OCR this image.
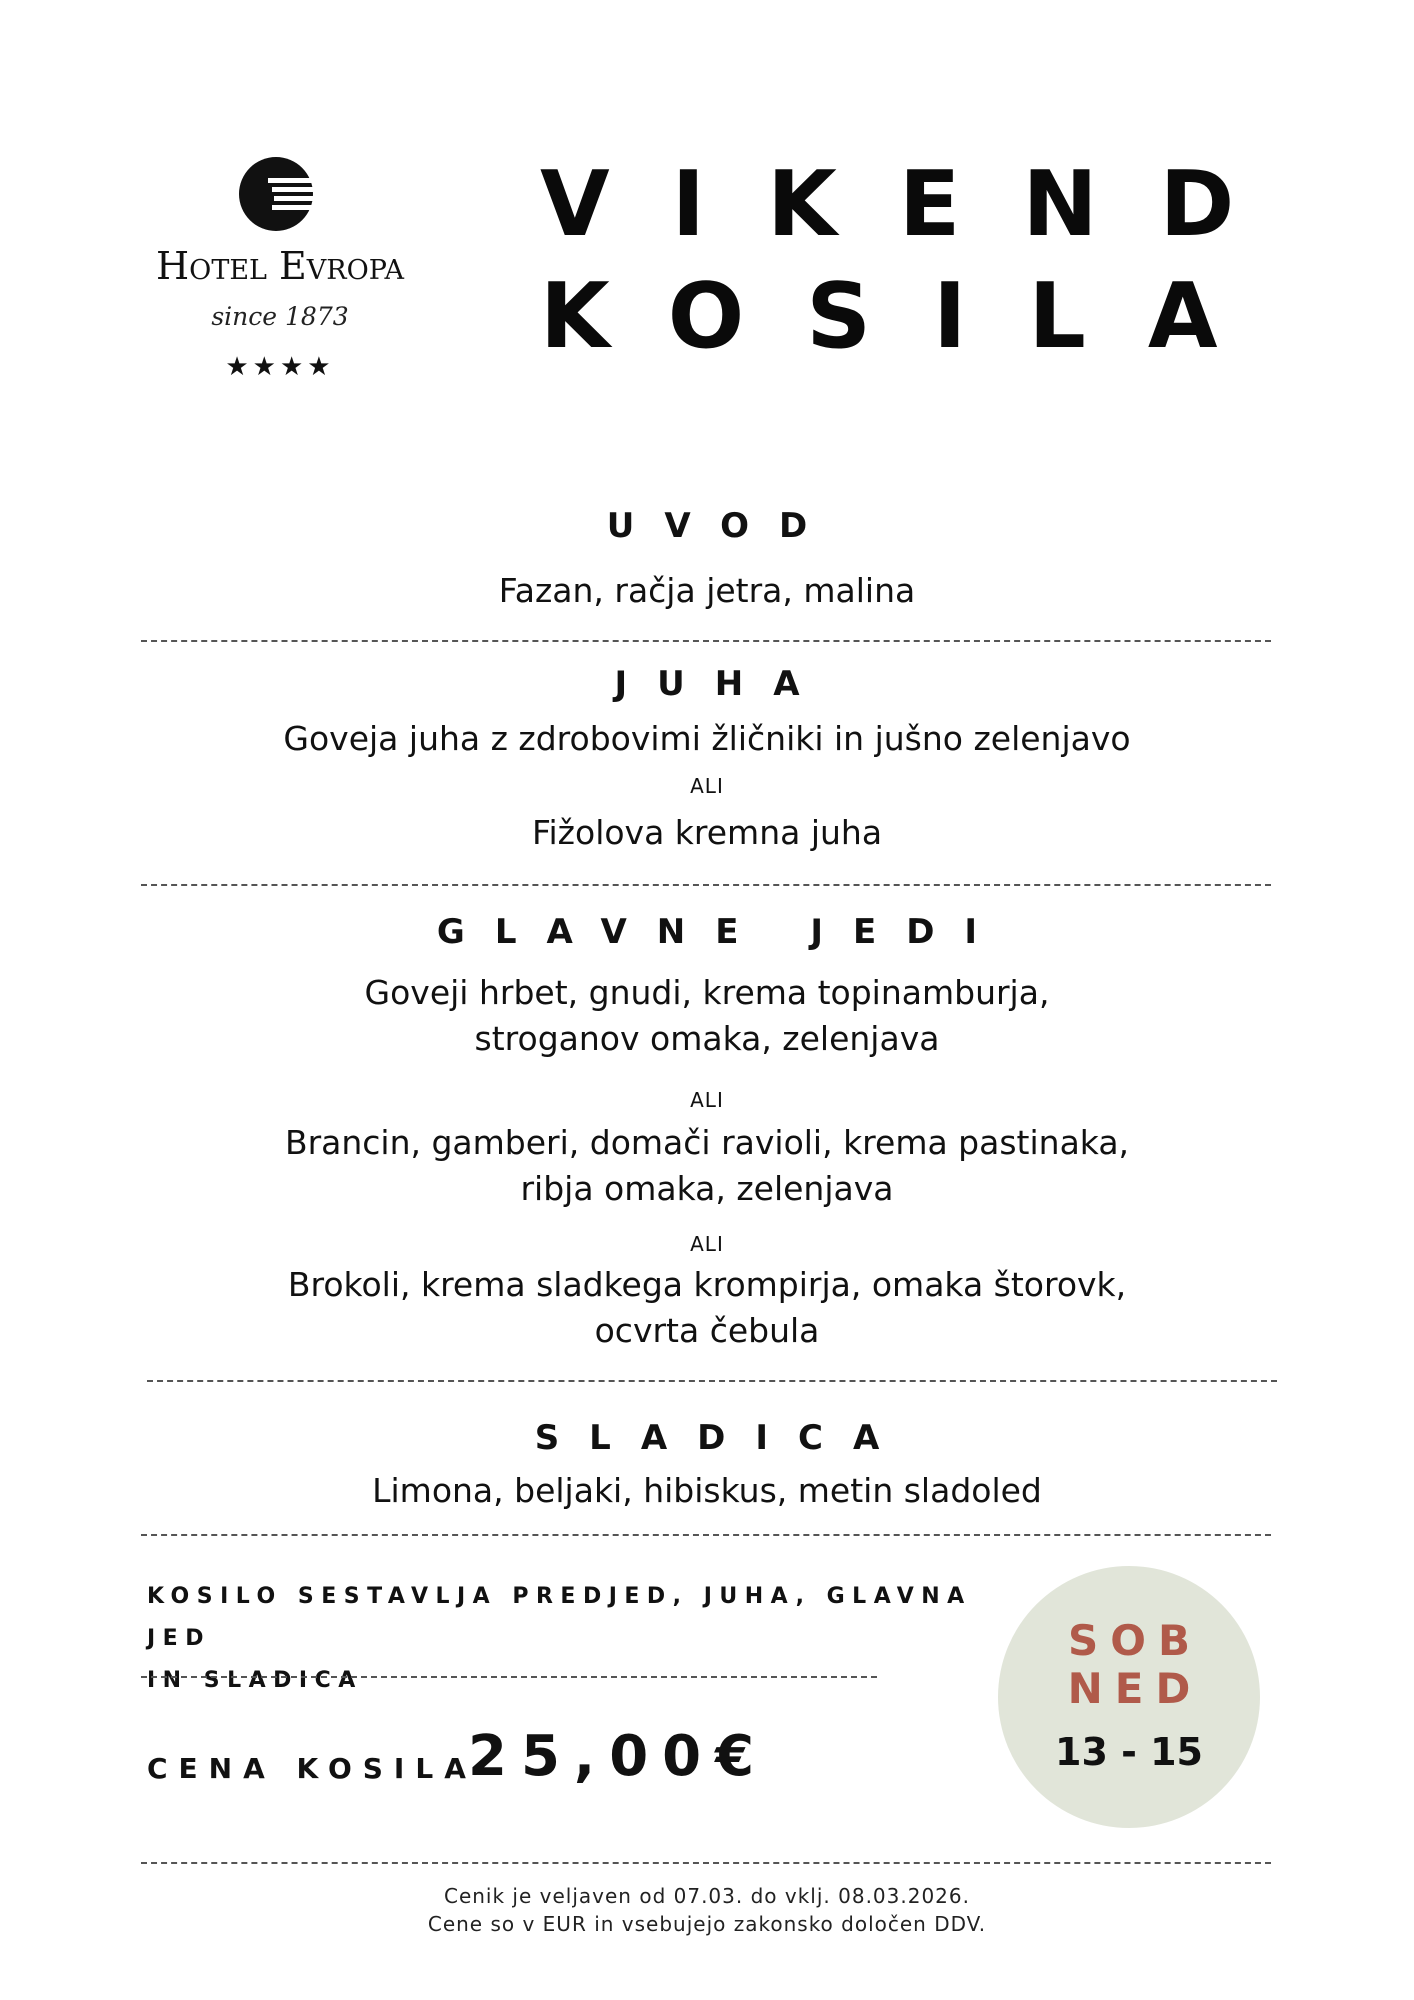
Hotel Evropa
since 1873
★★★★
VIKEND
KOSILA
UVOD
Fazan, račja jetra, malina
JUHA
Goveja juha z zdrobovimi žličniki in jušno zelenjavo
ALI
Fižolova kremna juha
GLAVNE JEDI
Goveji hrbet, gnudi, krema topinamburja,
stroganov omaka, zelenjava
ALI
Brancin, gamberi, domači ravioli, krema pastinaka,
ribja omaka, zelenjava
ALI
Brokoli, krema sladkega krompirja, omaka štorovk,
ocvrta čebula
SLADICA
Limona, beljaki, hibiskus, metin sladoled
KOSILO SESTAVLJA PREDJED, JUHA, GLAVNA JED
IN SLADICA
CENA KOSILA
25,00€
SOB
NED
13 - 15
Cenik je veljaven od 07.03. do vklj. 08.03.2026.
Cene so v EUR in vsebujejo zakonsko določen DDV.
